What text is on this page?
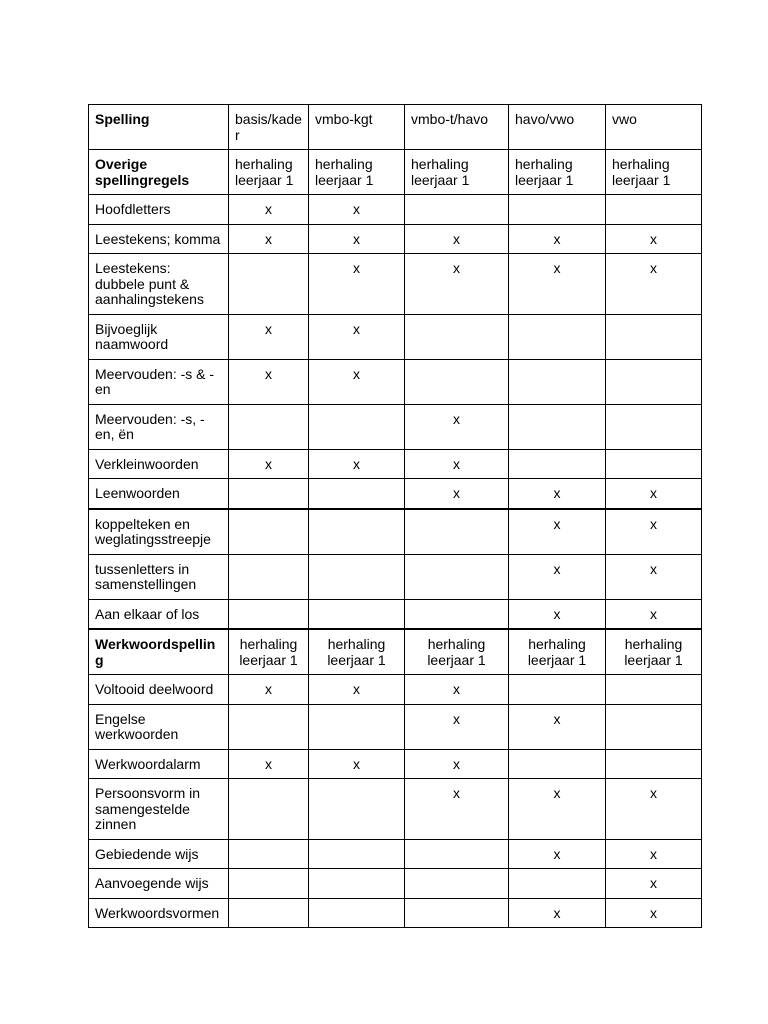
Spelling	basis/kader	vmbo-kgt	vmbo-t/havo	havo/vwo	vwo
Overige spellingregels	herhaling leerjaar 1	herhaling leerjaar 1	herhaling leerjaar 1	herhaling leerjaar 1	herhaling leerjaar 1
Hoofdletters	x	x			
Leestekens; komma	x	x	x	x	x
Leestekens: dubbele punt & aanhalingstekens		x	x	x	x
Bijvoeglijk naamwoord	x	x			
Meervouden: -s & -en	x	x			
Meervouden: -s, -en, ën			x		
Verkleinwoorden	x	x	x		
Leenwoorden			x	x	x
koppelteken en weglatingsstreepje				x	x
tussenletters in samenstellingen				x	x
Aan elkaar of los				x	x
Werkwoordspelling	herhaling leerjaar 1	herhaling leerjaar 1	herhaling leerjaar 1	herhaling leerjaar 1	herhaling leerjaar 1
Voltooid deelwoord	x	x	x		
Engelse werkwoorden			x	x	
Werkwoordalarm	x	x	x		
Persoonsvorm in samengestelde zinnen			x	x	x
Gebiedende wijs				x	x
Aanvoegende wijs					x
Werkwoordsvormen				x	x
